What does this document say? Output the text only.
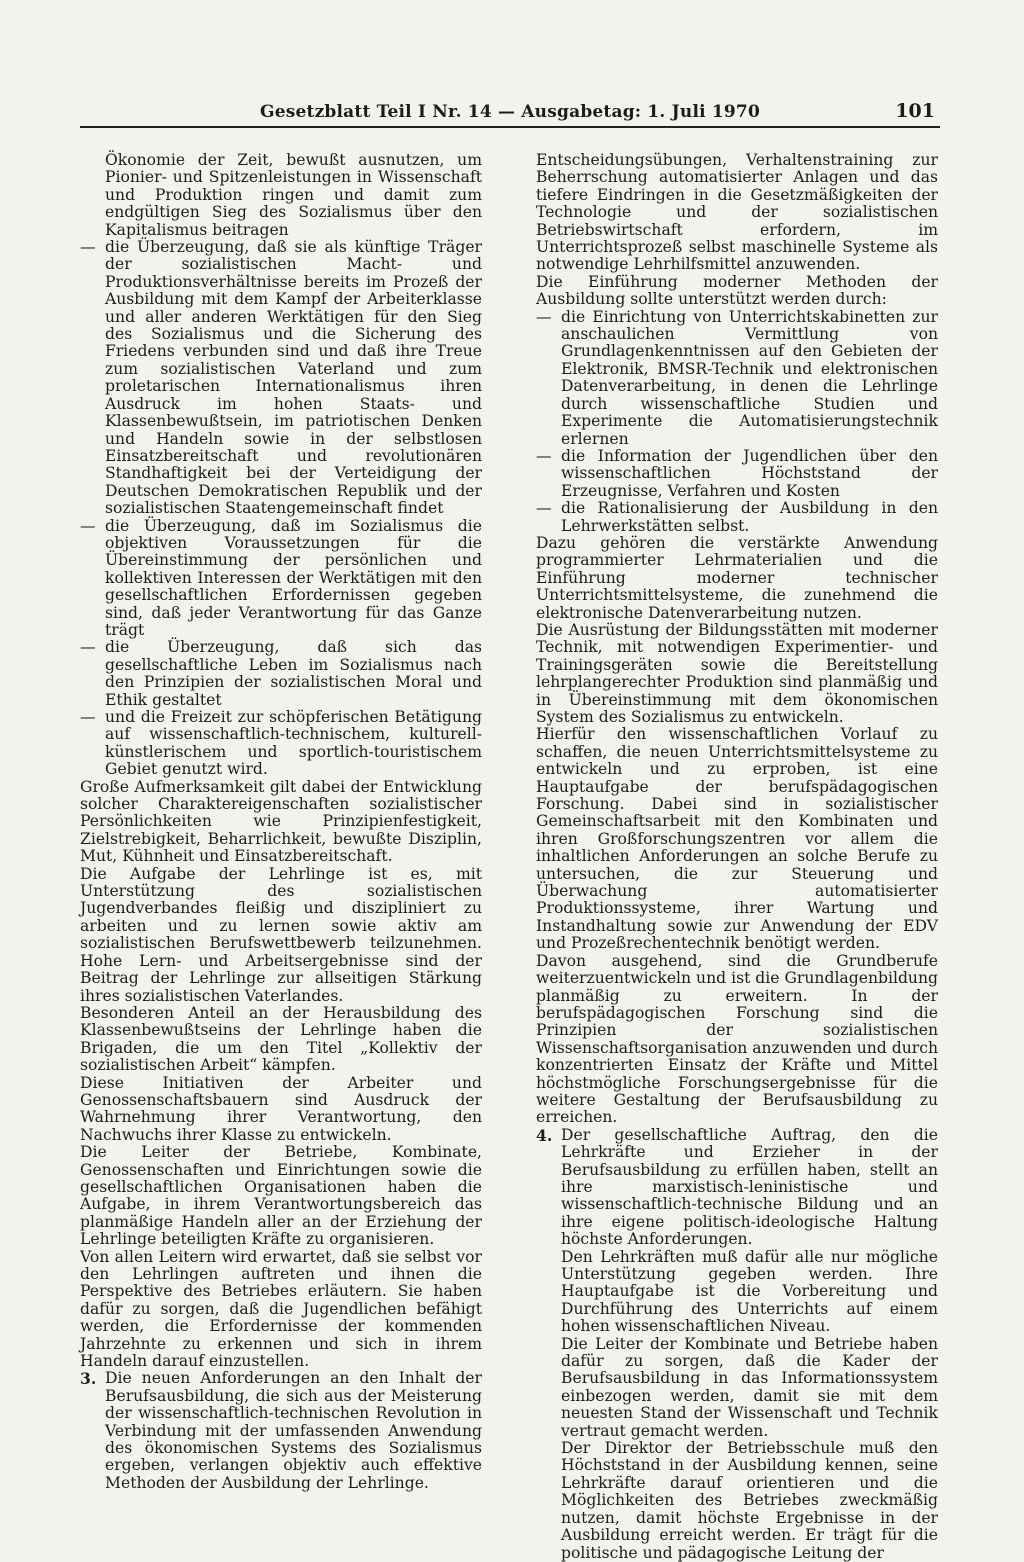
Gesetzblatt Teil I Nr. 14 — Ausgabetag: 1. Juli 1970	101

Ökonomie der Zeit, bewußt ausnutzen, um Pionier- und Spitzenleistungen in Wissenschaft und Produktion ringen und damit zum endgültigen Sieg des Sozialismus über den Kapitalismus beitragen

— die Überzeugung, daß sie als künftige Träger der sozialistischen Macht- und Produktionsverhältnisse bereits im Prozeß der Ausbildung mit dem Kampf der Arbeiterklasse und aller anderen Werktätigen für den Sieg des Sozialismus und die Sicherung des Friedens verbunden sind und daß ihre Treue zum sozialistischen Vaterland und zum proletarischen Internationalismus ihren Ausdruck im hohen Staats- und Klassenbewußtsein, im patriotischen Denken und Handeln sowie in der selbstlosen Einsatzbereitschaft und revolutionären Standhaftigkeit bei der Verteidigung der Deutschen Demokratischen Republik und der sozialistischen Staatengemeinschaft findet
— die Überzeugung, daß im Sozialismus die objektiven Voraussetzungen für die Übereinstimmung der persönlichen und kollektiven Interessen der Werktätigen mit den gesellschaftlichen Erfordernissen gegeben sind, daß jeder Verantwortung für das Ganze trägt
— die Überzeugung, daß sich das gesellschaftliche Leben im Sozialismus nach den Prinzipien der sozialistischen Moral und Ethik gestaltet
— und die Freizeit zur schöpferischen Betätigung auf wissenschaftlich-technischem, kulturell-künstlerischem und sportlich-touristischem Gebiet genutzt wird.

Große Aufmerksamkeit gilt dabei der Entwicklung solcher Charaktereigenschaften sozialistischer Persönlichkeiten wie Prinzipienfestigkeit, Zielstrebigkeit, Beharrlichkeit, bewußte Disziplin, Mut, Kühnheit und Einsatzbereitschaft.

Die Aufgabe der Lehrlinge ist es, mit Unterstützung des sozialistischen Jugendverbandes fleißig und diszipliniert zu arbeiten und zu lernen sowie aktiv am sozialistischen Berufswettbewerb teilzunehmen. Hohe Lern- und Arbeitsergebnisse sind der Beitrag der Lehrlinge zur allseitigen Stärkung ihres sozialistischen Vaterlandes.

Besonderen Anteil an der Herausbildung des Klassenbewußtseins der Lehrlinge haben die Brigaden, die um den Titel „Kollektiv der sozialistischen Arbeit“ kämpfen.

Diese Initiativen der Arbeiter und Genossenschaftsbauern sind Ausdruck der Wahrnehmung ihrer Verantwortung, den Nachwuchs ihrer Klasse zu entwickeln.

Die Leiter der Betriebe, Kombinate, Genossenschaften und Einrichtungen sowie die gesellschaftlichen Organisationen haben die Aufgabe, in ihrem Verantwortungsbereich das planmäßige Handeln aller an der Erziehung der Lehrlinge beteiligten Kräfte zu organisieren.

Von allen Leitern wird erwartet, daß sie selbst vor den Lehrlingen auftreten und ihnen die Perspektive des Betriebes erläutern. Sie haben dafür zu sorgen, daß die Jugendlichen befähigt werden, die Erfordernisse der kommenden Jahrzehnte zu erkennen und sich in ihrem Handeln darauf einzustellen.

3. Die neuen Anforderungen an den Inhalt der Berufsausbildung, die sich aus der Meisterung der wissenschaftlich-technischen Revolution in Verbindung mit der umfassenden Anwendung des ökonomischen Systems des Sozialismus ergeben, verlangen objektiv auch effektive Methoden der Ausbildung der Lehrlinge.

Entscheidungsübungen, Verhaltenstraining zur Beherrschung automatisierter Anlagen und das tiefere Eindringen in die Gesetzmäßigkeiten der Technologie und der sozialistischen Betriebswirtschaft erfordern, im Unterrichtsprozeß selbst maschinelle Systeme als notwendige Lehrhilfsmittel anzuwenden.

Die Einführung moderner Methoden der Ausbildung sollte unterstützt werden durch:

— die Einrichtung von Unterrichtskabinetten zur anschaulichen Vermittlung von Grundlagenkenntnissen auf den Gebieten der Elektronik, BMSR-Technik und elektronischen Datenverarbeitung, in denen die Lehrlinge durch wissenschaftliche Studien und Experimente die Automatisierungstechnik erlernen
— die Information der Jugendlichen über den wissenschaftlichen Höchststand der Erzeugnisse, Verfahren und Kosten
— die Rationalisierung der Ausbildung in den Lehrwerkstätten selbst.

Dazu gehören die verstärkte Anwendung programmierter Lehrmaterialien und die Einführung moderner technischer Unterrichtsmittelsysteme, die zunehmend die elektronische Datenverarbeitung nutzen.

Die Ausrüstung der Bildungsstätten mit moderner Technik, mit notwendigen Experimentier- und Trainingsgeräten sowie die Bereitstellung lehrplangerechter Produktion sind planmäßig und in Übereinstimmung mit dem ökonomischen System des Sozialismus zu entwickeln.

Hierfür den wissenschaftlichen Vorlauf zu schaffen, die neuen Unterrichtsmittelsysteme zu entwickeln und zu erproben, ist eine Hauptaufgabe der berufspädagogischen Forschung. Dabei sind in sozialistischer Gemeinschaftsarbeit mit den Kombinaten und ihren Großforschungszentren vor allem die inhaltlichen Anforderungen an solche Berufe zu untersuchen, die zur Steuerung und Überwachung automatisierter Produktionssysteme, ihrer Wartung und Instandhaltung sowie zur Anwendung der EDV und Prozeßrechentechnik benötigt werden.

Davon ausgehend, sind die Grundberufe weiterzuentwickeln und ist die Grundlagenbildung planmäßig zu erweitern. In der berufspädagogischen Forschung sind die Prinzipien der sozialistischen Wissenschaftsorganisation anzuwenden und durch konzentrierten Einsatz der Kräfte und Mittel höchstmögliche Forschungsergebnisse für die weitere Gestaltung der Berufsausbildung zu erreichen.

4. Der gesellschaftliche Auftrag, den die Lehrkräfte und Erzieher in der Berufsausbildung zu erfüllen haben, stellt an ihre marxistisch-leninistische und wissenschaftlich-technische Bildung und an ihre eigene politisch-ideologische Haltung höchste Anforderungen.

Den Lehrkräften muß dafür alle nur mögliche Unterstützung gegeben werden. Ihre Hauptaufgabe ist die Vorbereitung und Durchführung des Unterrichts auf einem hohen wissenschaftlichen Niveau.

Die Leiter der Kombinate und Betriebe haben dafür zu sorgen, daß die Kader der Berufsausbildung in das Informationssystem einbezogen werden, damit sie mit dem neuesten Stand der Wissenschaft und Technik vertraut gemacht werden.

Der Direktor der Betriebsschule muß den Höchststand in der Ausbildung kennen, seine Lehrkräfte darauf orientieren und die Möglichkeiten des Betriebes zweckmäßig nutzen, damit höchste Ergebnisse in der Ausbildung erreicht werden. Er trägt für die politische und pädagogische Leitung der
